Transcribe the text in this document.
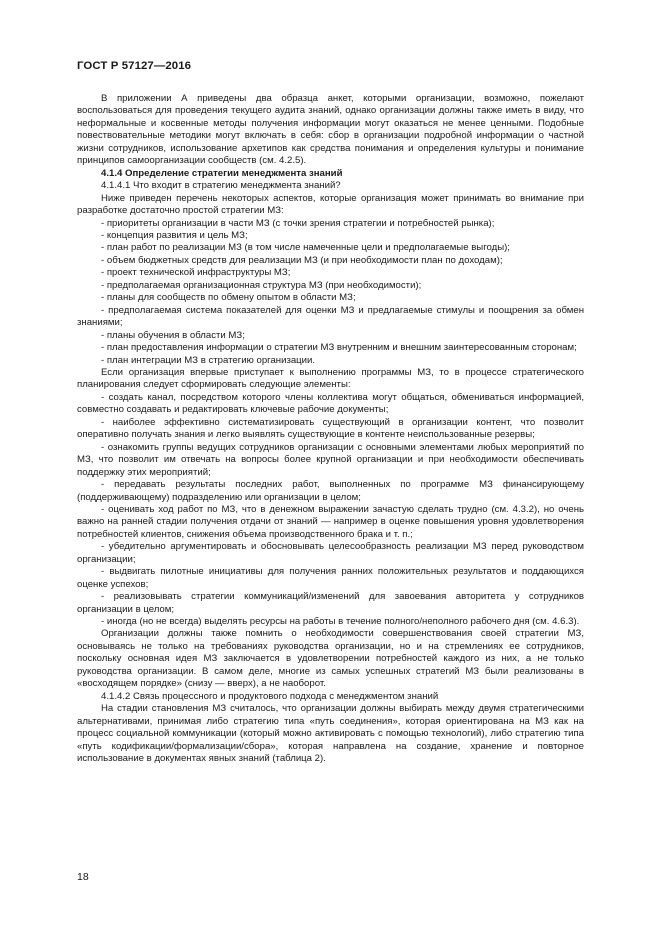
ГОСТ Р 57127—2016

В приложении А приведены два образца анкет, которыми организации, возможно, пожелают воспользоваться для проведения текущего аудита знаний, однако организации должны также иметь в виду, что неформальные и косвенные методы получения информации могут оказаться не менее ценными. Подобные повествовательные методики могут включать в себя: сбор в организации подробной информации о частной жизни сотрудников, использование архетипов как средства понимания и определения культуры и понимание принципов самоорганизации сообществ (см. 4.2.5).

4.1.4 Определение стратегии менеджмента знаний

4.1.4.1 Что входит в стратегию менеджмента знаний?

Ниже приведен перечень некоторых аспектов, которые организация может принимать во внимание при разработке достаточно простой стратегии МЗ:

- приоритеты организации в части МЗ (с точки зрения стратегии и потребностей рынка);

- концепция развития и цель МЗ;

- план работ по реализации МЗ (в том числе намеченные цели и предполагаемые выгоды);

- объем бюджетных средств для реализации МЗ (и при необходимости план по доходам);

- проект технической инфраструктуры МЗ;

- предполагаемая организационная структура МЗ (при необходимости);

- планы для сообществ по обмену опытом в области МЗ;

- предполагаемая система показателей для оценки МЗ и предлагаемые стимулы и поощрения за обмен знаниями;

- планы обучения в области МЗ;

- план предоставления информации о стратегии МЗ внутренним и внешним заинтересованным сторонам;

- план интеграции МЗ в стратегию организации.

Если организация впервые приступает к выполнению программы МЗ, то в процессе стратегического планирования следует сформировать следующие элементы:

- создать канал, посредством которого члены коллектива могут общаться, обмениваться информацией, совместно создавать и редактировать ключевые рабочие документы;

- наиболее эффективно систематизировать существующий в организации контент, что позволит оперативно получать знания и легко выявлять существующие в контенте неиспользованные резервы;

- ознакомить группы ведущих сотрудников организации с основными элементами любых мероприятий по МЗ, что позволит им отвечать на вопросы более крупной организации и при необходимости обеспечивать поддержку этих мероприятий;

- передавать результаты последних работ, выполненных по программе МЗ финансирующему (поддерживающему) подразделению или организации в целом;

- оценивать ход работ по МЗ, что в денежном выражении зачастую сделать трудно (см. 4.3.2), но очень важно на ранней стадии получения отдачи от знаний — например в оценке повышения уровня удовлетворения потребностей клиентов, снижения объема производственного брака и т. п.;

- убедительно аргументировать и обосновывать целесообразность реализации МЗ перед руководством организации;

- выдвигать пилотные инициативы для получения ранних положительных результатов и поддающихся оценке успехов;

- реализовывать стратегии коммуникаций/изменений для завоевания авторитета у сотрудников организации в целом;

- иногда (но не всегда) выделять ресурсы на работы в течение полного/неполного рабочего дня (см. 4.6.3).

Организации должны также помнить о необходимости совершенствования своей стратегии МЗ, основываясь не только на требованиях руководства организации, но и на стремлениях ее сотрудников, поскольку основная идея МЗ заключается в удовлетворении потребностей каждого из них, а не только руководства организации. В самом деле, многие из самых успешных стратегий МЗ были реализованы в «восходящем порядке» (снизу — вверх), а не наоборот.

4.1.4.2 Связь процессного и продуктового подхода с менеджментом знаний

На стадии становления МЗ считалось, что организации должны выбирать между двумя стратегическими альтернативами, принимая либо стратегию типа «путь соединения», которая ориентирована на МЗ как на процесс социальной коммуникации (который можно активировать с помощью технологий), либо стратегию типа «путь кодификации/формализации/сбора», которая направлена на создание, хранение и повторное использование в документах явных знаний (таблица 2).

18
